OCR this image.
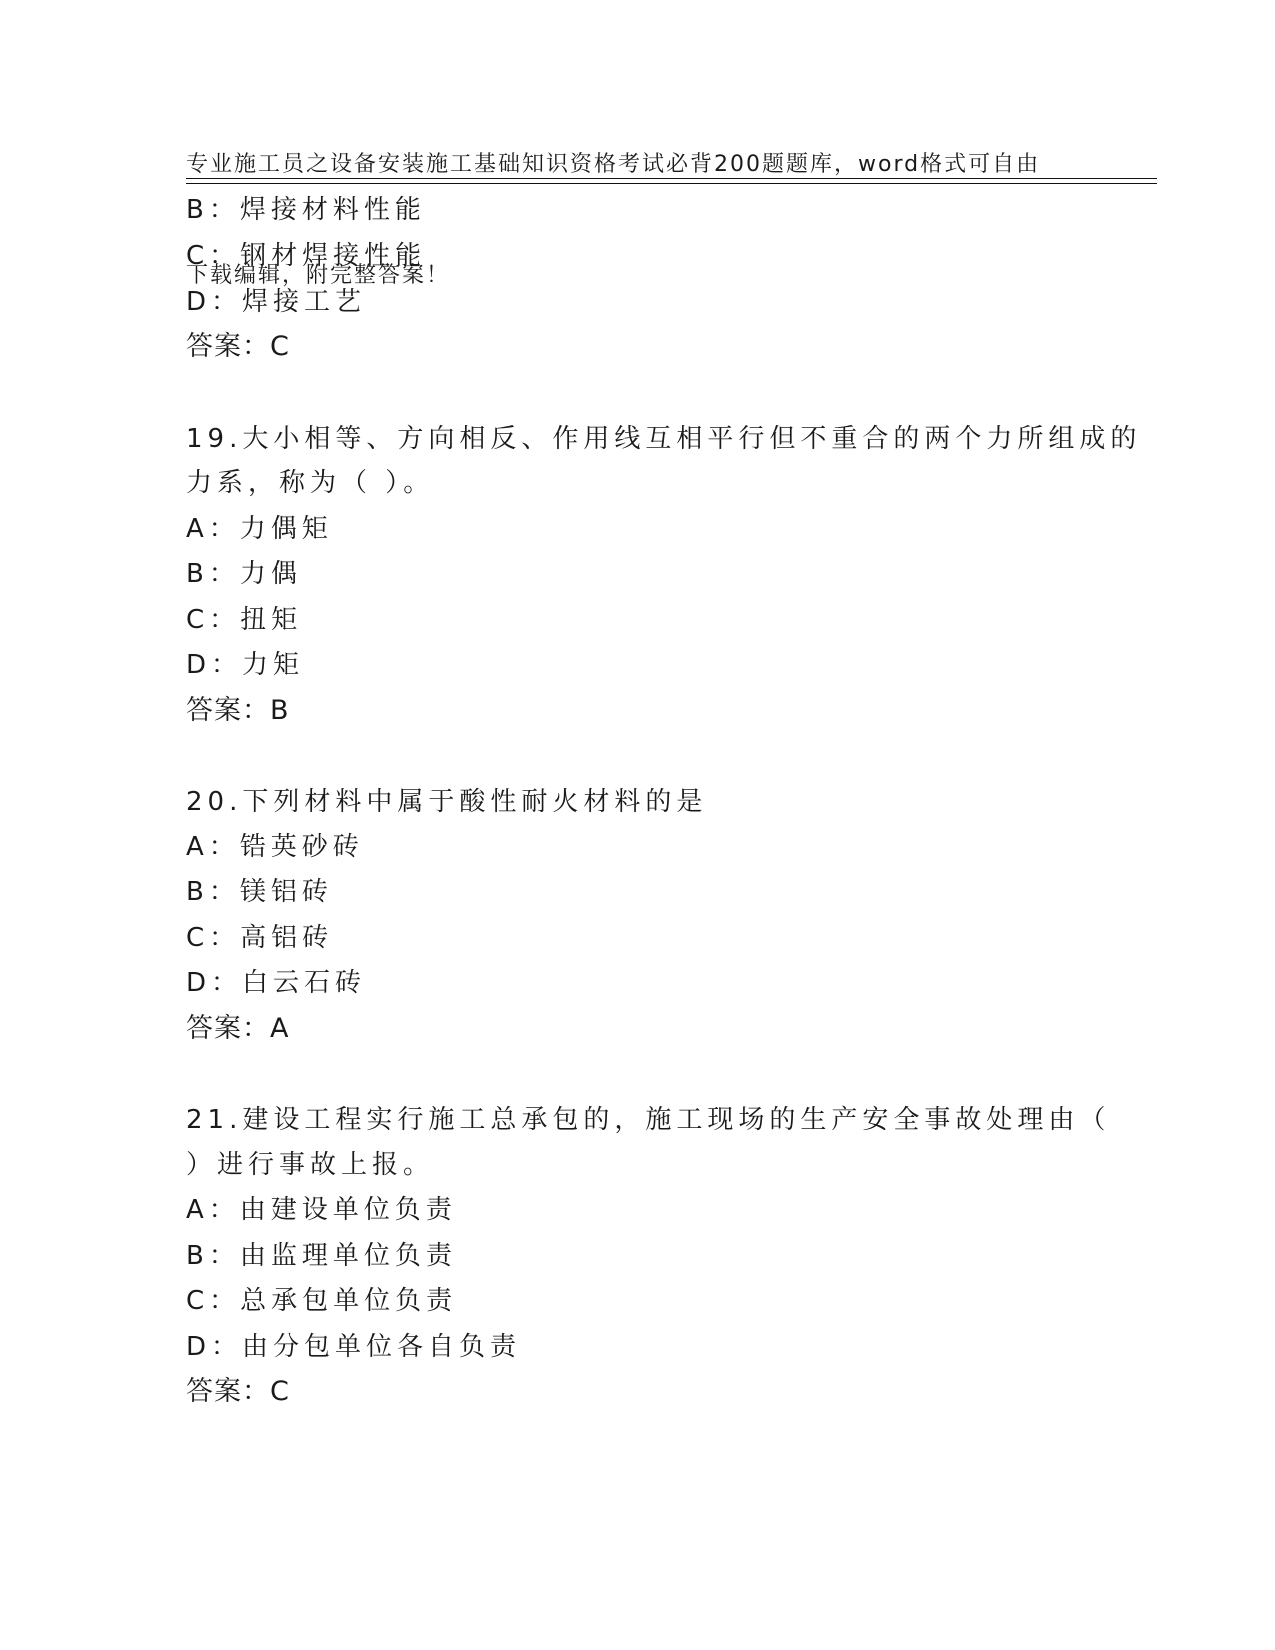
专业施工员之设备安装施工基础知识资格考试必背200题题库，word格式可自由

下载编辑，附完整答案！

B：焊接材料性能
C：钢材焊接性能
D：焊接工艺
答案：C
19.大小相等、方向相反、作用线互相平行但不重合的两个力所组成的
力系，称为（ ）。
A：力偶矩
B：力偶
C：扭矩
D：力矩
答案：B
20.下列材料中属于酸性耐火材料的是
A：锆英砂砖
B：镁铝砖
C：高铝砖
D：白云石砖
答案：A
21.建设工程实行施工总承包的，施工现场的生产安全事故处理由（
）进行事故上报。
A：由建设单位负责
B：由监理单位负责
C：总承包单位负责
D：由分包单位各自负责
答案：C
